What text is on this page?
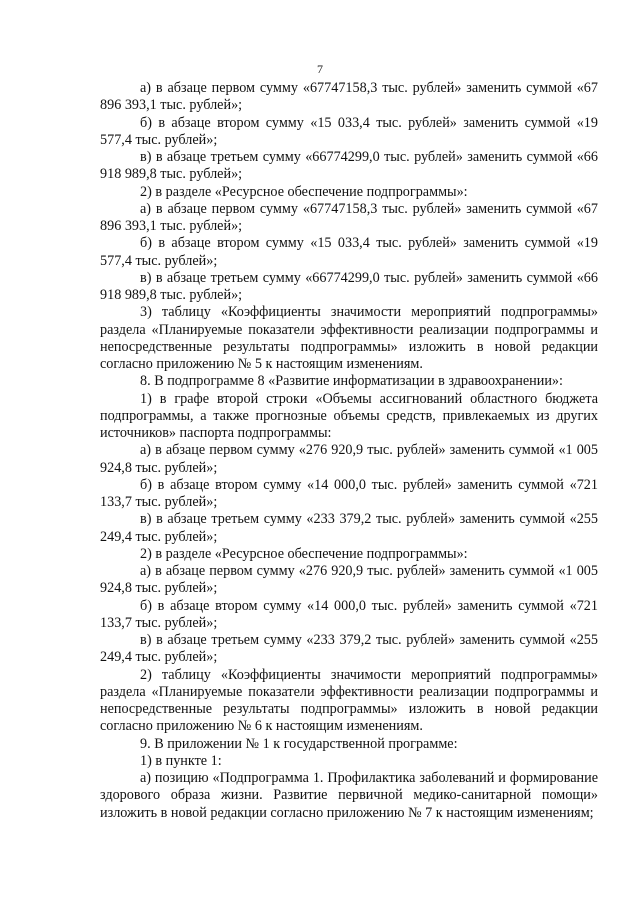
7

а) в абзаце первом сумму «67747158,3 тыс. рублей» заменить суммой «67 896 393,1 тыс. рублей»;

б) в абзаце втором сумму «15 033,4 тыс. рублей» заменить суммой «19 577,4 тыс. рублей»;

в) в абзаце третьем сумму «66774299,0 тыс. рублей» заменить суммой «66 918 989,8 тыс. рублей»;

2) в разделе «Ресурсное обеспечение подпрограммы»:

а) в абзаце первом сумму «67747158,3 тыс. рублей» заменить суммой «67 896 393,1 тыс. рублей»;

б) в абзаце втором сумму «15 033,4 тыс. рублей» заменить суммой «19 577,4 тыс. рублей»;

в) в абзаце третьем сумму «66774299,0 тыс. рублей» заменить суммой «66 918 989,8 тыс. рублей»;

3) таблицу «Коэффициенты значимости мероприятий подпрограммы» раздела «Планируемые показатели эффективности реализации подпрограммы и непосредственные результаты подпрограммы» изложить в новой редакции согласно приложению № 5 к настоящим изменениям.

8. В подпрограмме 8 «Развитие информатизации в здравоохранении»:

1) в графе второй строки «Объемы ассигнований областного бюджета подпрограммы, а также прогнозные объемы средств, привлекаемых из других источников» паспорта подпрограммы:

а) в абзаце первом сумму «276 920,9 тыс. рублей» заменить суммой «1 005 924,8 тыс. рублей»;

б) в абзаце втором сумму «14 000,0 тыс. рублей» заменить суммой «721 133,7 тыс. рублей»;

в) в абзаце третьем сумму «233 379,2 тыс. рублей» заменить суммой «255 249,4 тыс. рублей»;

2) в разделе «Ресурсное обеспечение подпрограммы»:

а) в абзаце первом сумму «276 920,9 тыс. рублей» заменить суммой «1 005 924,8 тыс. рублей»;

б) в абзаце втором сумму «14 000,0 тыс. рублей» заменить суммой «721 133,7 тыс. рублей»;

в) в абзаце третьем сумму «233 379,2 тыс. рублей» заменить суммой «255 249,4 тыс. рублей»;

2) таблицу «Коэффициенты значимости мероприятий подпрограммы» раздела «Планируемые показатели эффективности реализации подпрограммы и непосредственные результаты подпрограммы» изложить в новой редакции согласно приложению № 6 к настоящим изменениям.

9. В приложении № 1 к государственной программе:

1) в пункте 1:

а) позицию «Подпрограмма 1. Профилактика заболеваний и формирование здорового образа жизни. Развитие первичной медико-санитарной помощи» изложить в новой редакции согласно приложению № 7 к настоящим изменениям;
